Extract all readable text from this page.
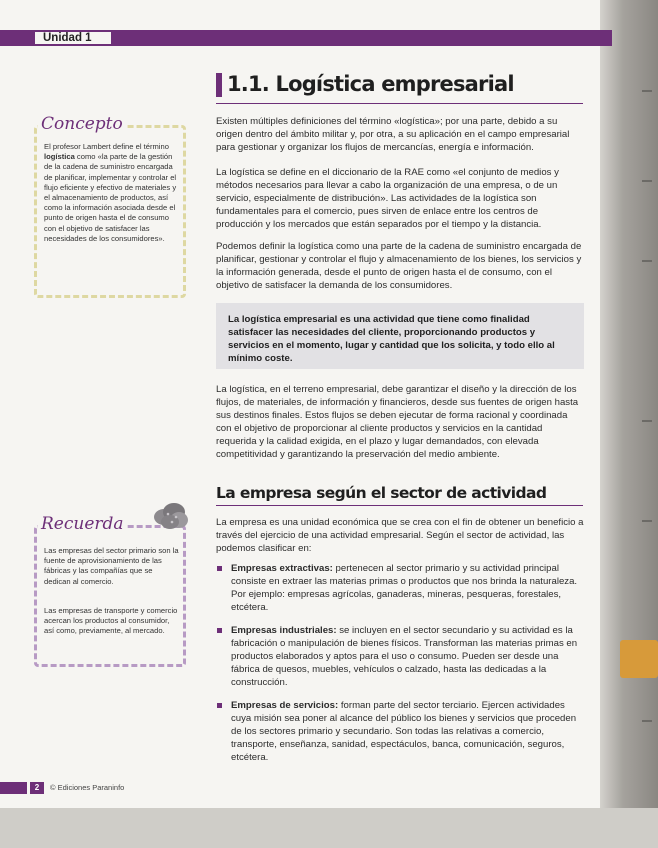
Unidad 1
1.1. Logística empresarial

Existen múltiples definiciones del término «logística»; por una parte, debido a su origen dentro del ámbito militar y, por otra, a su aplicación en el campo empresarial para gestionar y organizar los flujos de mercancías, energía e información.

La logística se define en el diccionario de la RAE como «el conjunto de medios y métodos necesarios para llevar a cabo la organización de una empresa, o de un servicio, especialmente de distribución». Las actividades de la logística son fundamentales para el comercio, pues sirven de enlace entre los centros de producción y los mercados que están separados por el tiempo y la distancia.

Podemos definir la logística como una parte de la cadena de suministro encargada de planificar, gestionar y controlar el flujo y almacenamiento de los bienes, los servicios y la información generada, desde el punto de origen hasta el de consumo, con el objetivo de satisfacer la demanda de los consumidores.

La logística empresarial es una actividad que tiene como finalidad satisfacer las necesidades del cliente, proporcionando productos y servicios en el momento, lugar y cantidad que los solicita, y todo ello al mínimo coste.

La logística, en el terreno empresarial, debe garantizar el diseño y la dirección de los flujos, de materiales, de información y financieros, desde sus fuentes de origen hasta sus destinos finales. Estos flujos se deben ejecutar de forma racional y coordinada con el objetivo de proporcionar al cliente productos y servicios en la cantidad requerida y la calidad exigida, en el plazo y lugar demandados, con elevada competitividad y garantizando la preservación del medio ambiente.

La empresa según el sector de actividad

La empresa es una unidad económica que se crea con el fin de obtener un beneficio a través del ejercicio de una actividad empresarial. Según el sector de actividad, las podemos clasificar en:

Empresas extractivas: pertenecen al sector primario y su actividad principal consiste en extraer las materias primas o productos que nos brinda la naturaleza. Por ejemplo: empresas agrícolas, ganaderas, mineras, pesqueras, forestales, etcétera.
Empresas industriales: se incluyen en el sector secundario y su actividad es la fabricación o manipulación de bienes físicos. Transforman las materias primas en productos elaborados y aptos para el uso o consumo. Pueden ser desde una fábrica de quesos, muebles, vehículos o calzado, hasta las dedicadas a la construcción.
Empresas de servicios: forman parte del sector terciario. Ejercen actividades cuya misión sea poner al alcance del público los bienes y servicios que proceden de los sectores primario y secundario. Son todas las relativas a comercio, transporte, enseñanza, sanidad, espectáculos, banca, comunicación, seguros, etcétera.
Concepto

El profesor Lambert define el término logística como «la parte de la gestión de la cadena de suministro encargada de planificar, implementar y controlar el flujo eficiente y efectivo de materiales y el almacenamiento de productos, así como la información asociada desde el punto de origen hasta el de consumo con el objetivo de satisfacer las necesidades de los consumidores».

Recuerda

Las empresas del sector primario son la fuente de aprovisionamiento de las fábricas y las compañías que se dedican al comercio.

Las empresas de transporte y comercio acercan los productos al consumidor, así como, previamente, al mercado.

2	© Ediciones Paraninfo
